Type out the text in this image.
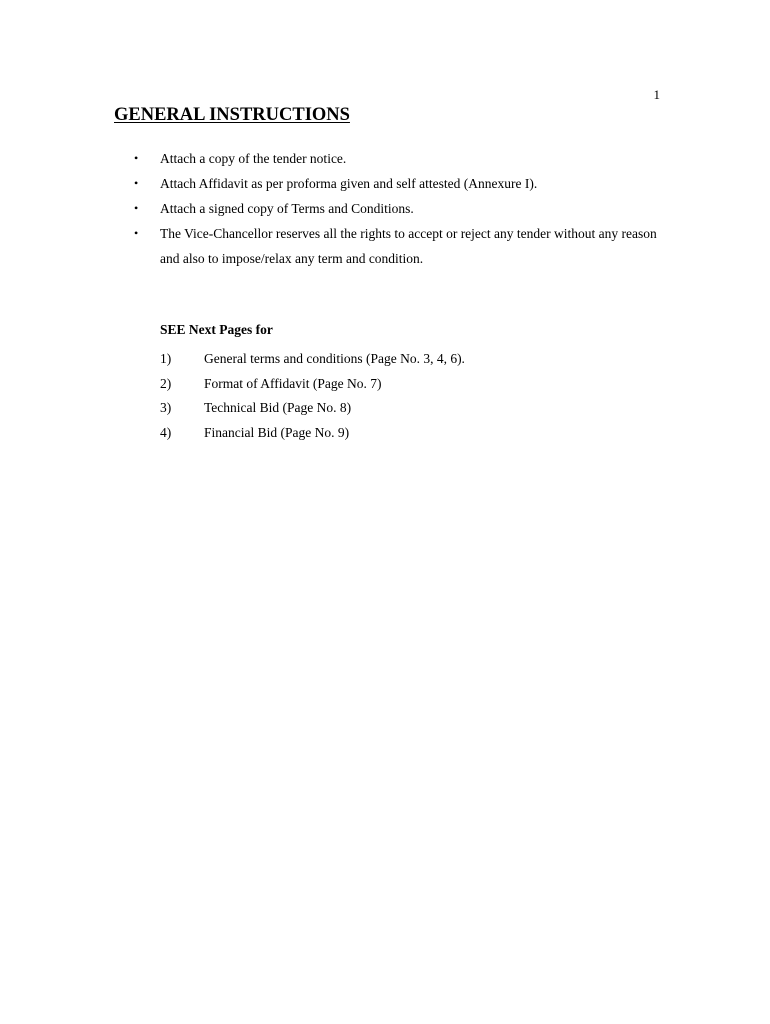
1
GENERAL INSTRUCTIONS
• Attach a copy of the tender notice.
• Attach Affidavit as per proforma given and self attested (Annexure I).
• Attach a signed copy of Terms and Conditions.
• The Vice-Chancellor reserves all the rights to accept or reject any tender without any reason and also to impose/relax any term and condition.
SEE Next Pages for
1) General terms and conditions (Page No. 3, 4, 6).
2) Format of Affidavit (Page No. 7)
3) Technical Bid (Page No. 8)
4) Financial Bid (Page No. 9)
